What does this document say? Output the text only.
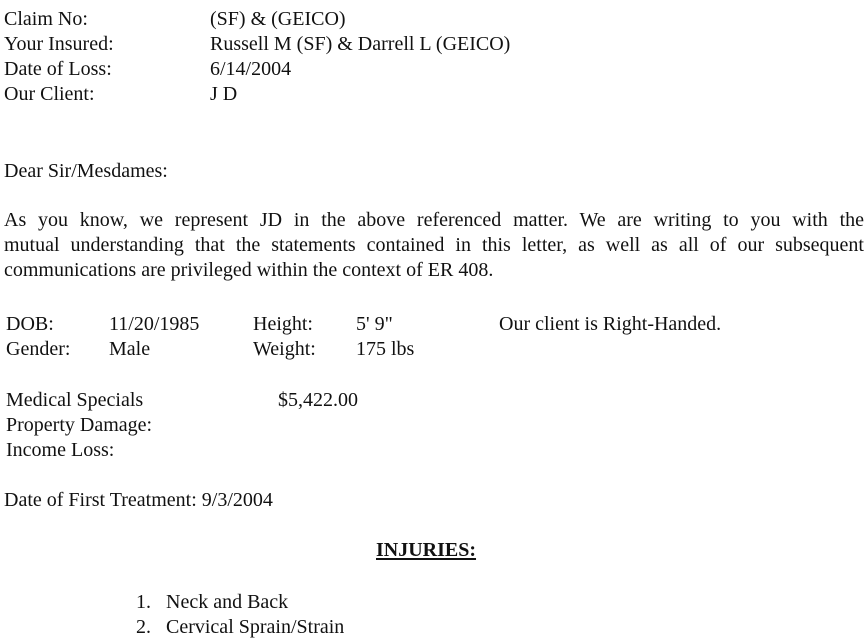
Claim No:	(SF) & (GEICO)
Your Insured:	Russell M (SF) & Darrell L (GEICO)
Date of Loss:	6/14/2004
Our Client:	J D
Dear Sir/Mesdames:
As you know, we represent JD in the above referenced matter. We are writing to you with the
mutual understanding that the statements contained in this letter, as well as all of our subsequent
communications are privileged within the context of ER 408.
DOB:	11/20/1985	Height: 5' 9"	Our client is Right-Handed.
Gender: Male	Weight: 175 lbs
Medical Specials	$5,422.00
Property Damage:
Income Loss:
Date of First Treatment: 9/3/2004
INJURIES:
1. Neck and Back
2. Cervical Sprain/Strain
